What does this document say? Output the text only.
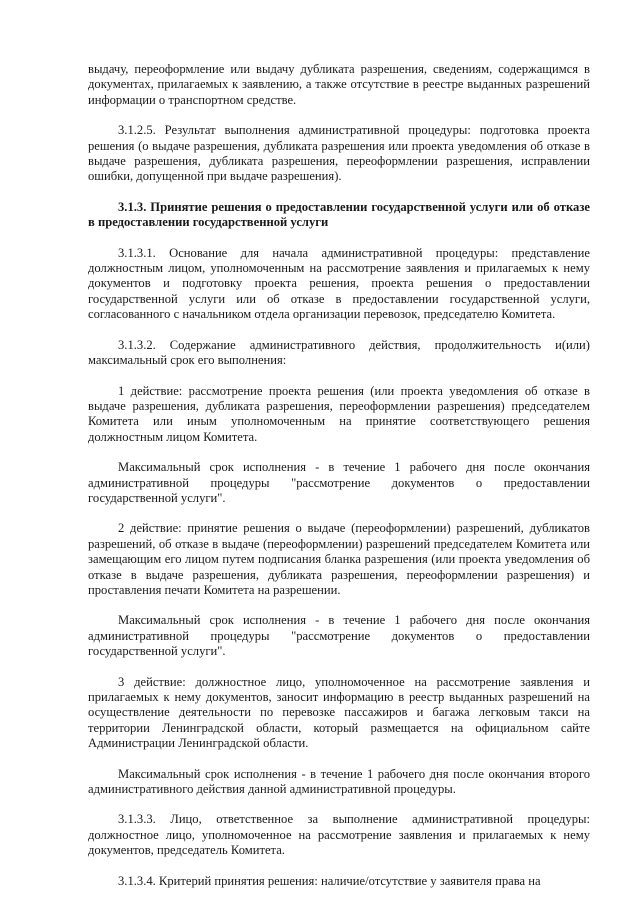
выдачу, переоформление или выдачу дубликата разрешения, сведениям, содержащимся в документах, прилагаемых к заявлению, а также отсутствие в реестре выданных разрешений информации о транспортном средстве.

3.1.2.5. Результат выполнения административной процедуры: подготовка проекта решения (о выдаче разрешения, дубликата разрешения или проекта уведомления об отказе в выдаче разрешения, дубликата разрешения, переоформлении разрешения, исправлении ошибки, допущенной при выдаче разрешения).

3.1.3. Принятие решения о предоставлении государственной услуги или об отказе в предоставлении государственной услуги

3.1.3.1. Основание для начала административной процедуры: представление должностным лицом, уполномоченным на рассмотрение заявления и прилагаемых к нему документов и подготовку проекта решения, проекта решения о предоставлении государственной услуги или об отказе в предоставлении государственной услуги, согласованного с начальником отдела организации перевозок, председателю Комитета.

3.1.3.2. Содержание административного действия, продолжительность и(или) максимальный срок его выполнения:

1 действие: рассмотрение проекта решения (или проекта уведомления об отказе в выдаче разрешения, дубликата разрешения, переоформлении разрешения) председателем Комитета или иным уполномоченным на принятие соответствующего решения должностным лицом Комитета.

Максимальный срок исполнения - в течение 1 рабочего дня после окончания административной процедуры "рассмотрение документов о предоставлении государственной услуги".

2 действие: принятие решения о выдаче (переоформлении) разрешений, дубликатов разрешений, об отказе в выдаче (переоформлении) разрешений председателем Комитета или замещающим его лицом путем подписания бланка разрешения (или проекта уведомления об отказе в выдаче разрешения, дубликата разрешения, переоформлении разрешения) и проставления печати Комитета на разрешении.

Максимальный срок исполнения - в течение 1 рабочего дня после окончания административной процедуры "рассмотрение документов о предоставлении государственной услуги".

3 действие: должностное лицо, уполномоченное на рассмотрение заявления и прилагаемых к нему документов, заносит информацию в реестр выданных разрешений на осуществление деятельности по перевозке пассажиров и багажа легковым такси на территории Ленинградской области, который размещается на официальном сайте Администрации Ленинградской области.

Максимальный срок исполнения - в течение 1 рабочего дня после окончания второго административного действия данной административной процедуры.

3.1.3.3. Лицо, ответственное за выполнение административной процедуры: должностное лицо, уполномоченное на рассмотрение заявления и прилагаемых к нему документов, председатель Комитета.

3.1.3.4. Критерий принятия решения: наличие/отсутствие у заявителя права на
